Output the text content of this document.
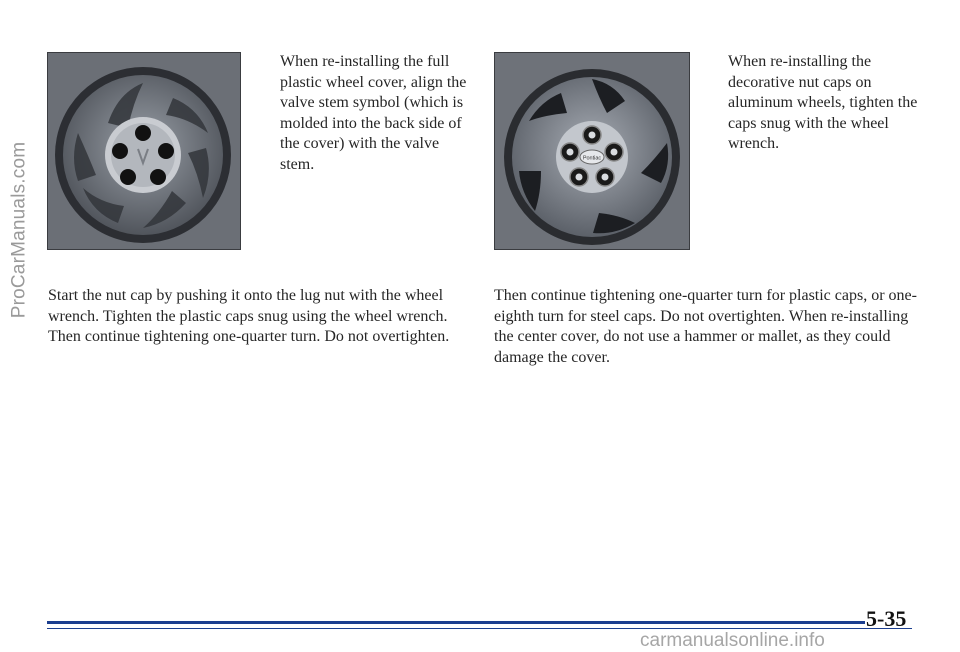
ProCarManuals.com
When re-installing the full plastic wheel cover, align the valve stem symbol (which is molded into the back side of the cover) with the valve stem.	Pontiac
When re-installing the decorative nut caps on aluminum wheels, tighten the caps snug with the wheel wrench.
Start the nut cap by pushing it onto the lug nut with the wheel wrench. Tighten the plastic caps snug using the wheel wrench. Then continue tightening one-quarter turn. Do not overtighten.
Then continue tightening one-quarter turn for plastic caps, or one-eighth turn for steel caps. Do not overtighten. When re-installing the center cover, do not use a hammer or mallet, as they could damage the cover.
5-35
carmanualsonline.info
